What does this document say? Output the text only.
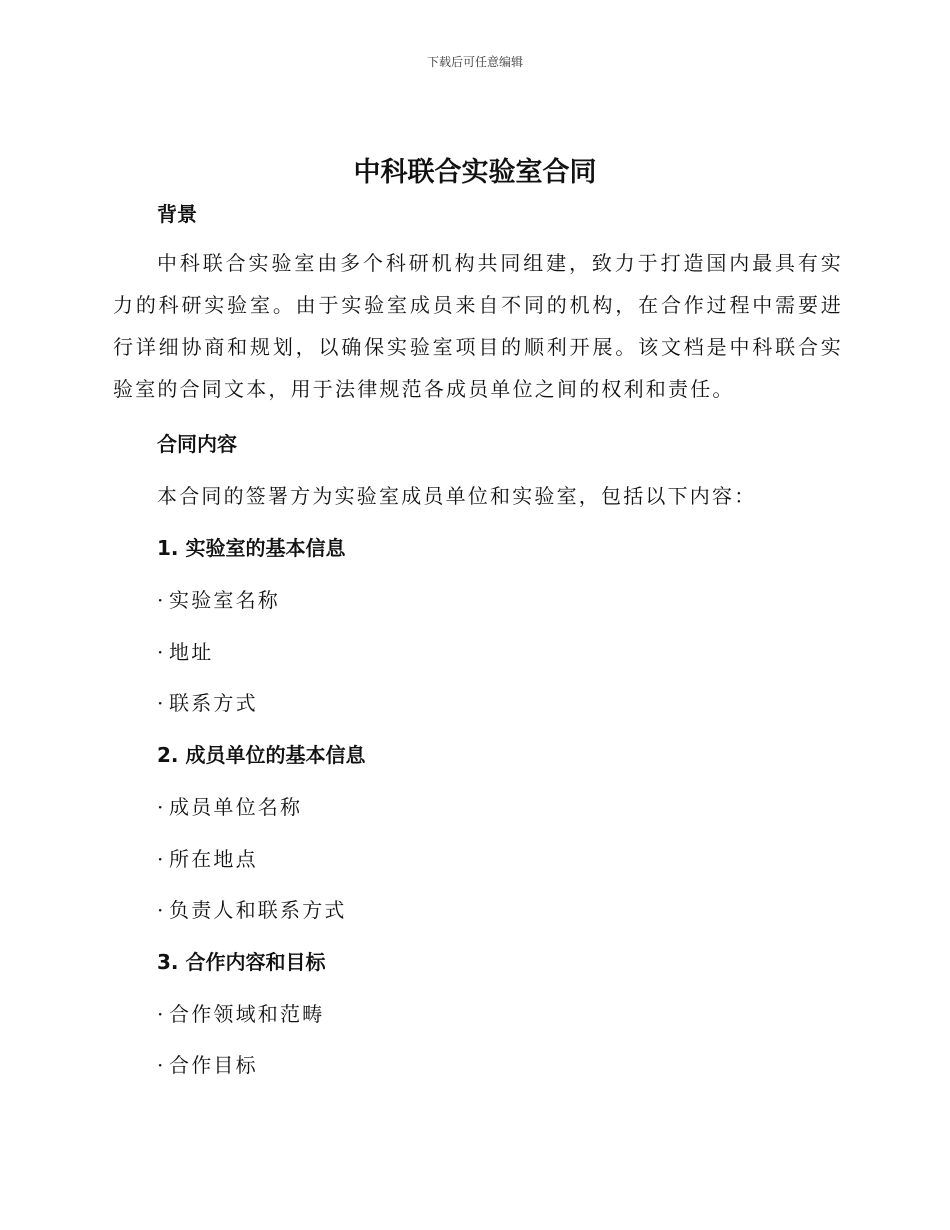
下载后可任意编辑
中科联合实验室合同
背景

中科联合实验室由多个科研机构共同组建，致力于打造国内最具有实力的科研实验室。由于实验室成员来自不同的机构，在合作过程中需要进行详细协商和规划，以确保实验室项目的顺利开展。该文档是中科联合实验室的合同文本，用于法律规范各成员单位之间的权利和责任。

合同内容
本合同的签署方为实验室成员单位和实验室，包括以下内容：
1. 实验室的基本信息
· 实验室名称
· 地址
· 联系方式
2. 成员单位的基本信息
· 成员单位名称
· 所在地点
· 负责人和联系方式
3. 合作内容和目标
· 合作领域和范畴
· 合作目标
